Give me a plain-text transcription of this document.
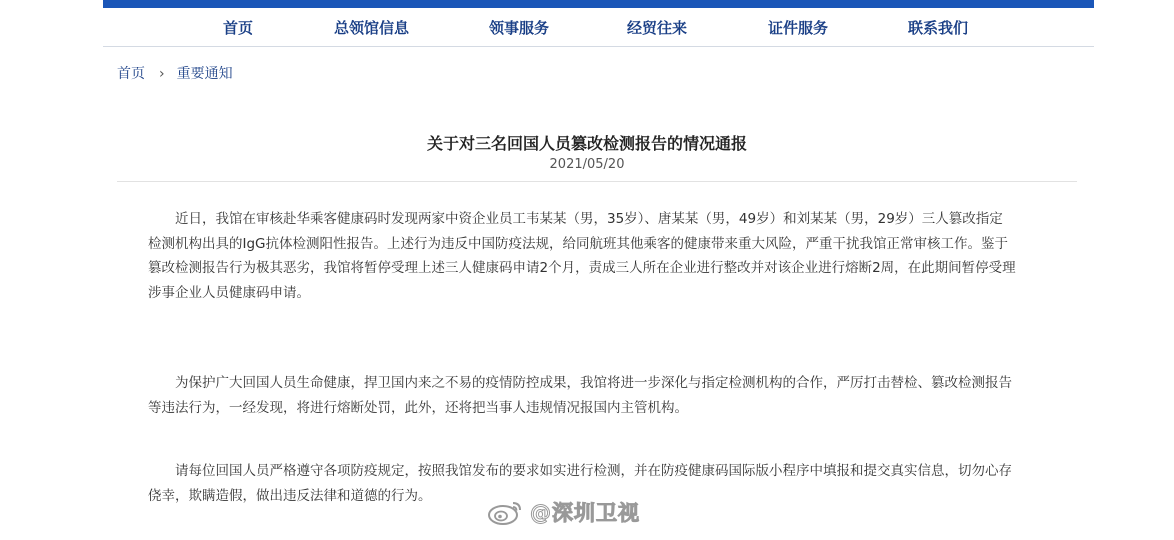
首页	总领馆信息	领事服务	经贸往来	证件服务	联系我们
首页 › 重要通知
关于对三名回国人员篡改检测报告的情况通报
2021/05/20
近日，我馆在审核赴华乘客健康码时发现两家中资企业员工韦某某（男，35岁）、唐某某（男，49岁）和刘某某（男，29岁）三人篡改指定
检测机构出具的IgG抗体检测阳性报告。上述行为违反中国防疫法规，给同航班其他乘客的健康带来重大风险，严重干扰我馆正常审核工作。鉴于
篡改检测报告行为极其恶劣，我馆将暂停受理上述三人健康码申请2个月，责成三人所在企业进行整改并对该企业进行熔断2周，在此期间暂停受理
涉事企业人员健康码申请。
为保护广大回国人员生命健康，捍卫国内来之不易的疫情防控成果，我馆将进一步深化与指定检测机构的合作，严厉打击替检、篡改检测报告
等违法行为，一经发现，将进行熔断处罚，此外，还将把当事人违规情况报国内主管机构。
请每位回国人员严格遵守各项防疫规定，按照我馆发布的要求如实进行检测，并在防疫健康码国际版小程序中填报和提交真实信息，切勿心存
侥幸，欺瞒造假，做出违反法律和道德的行为。
@深圳卫视
